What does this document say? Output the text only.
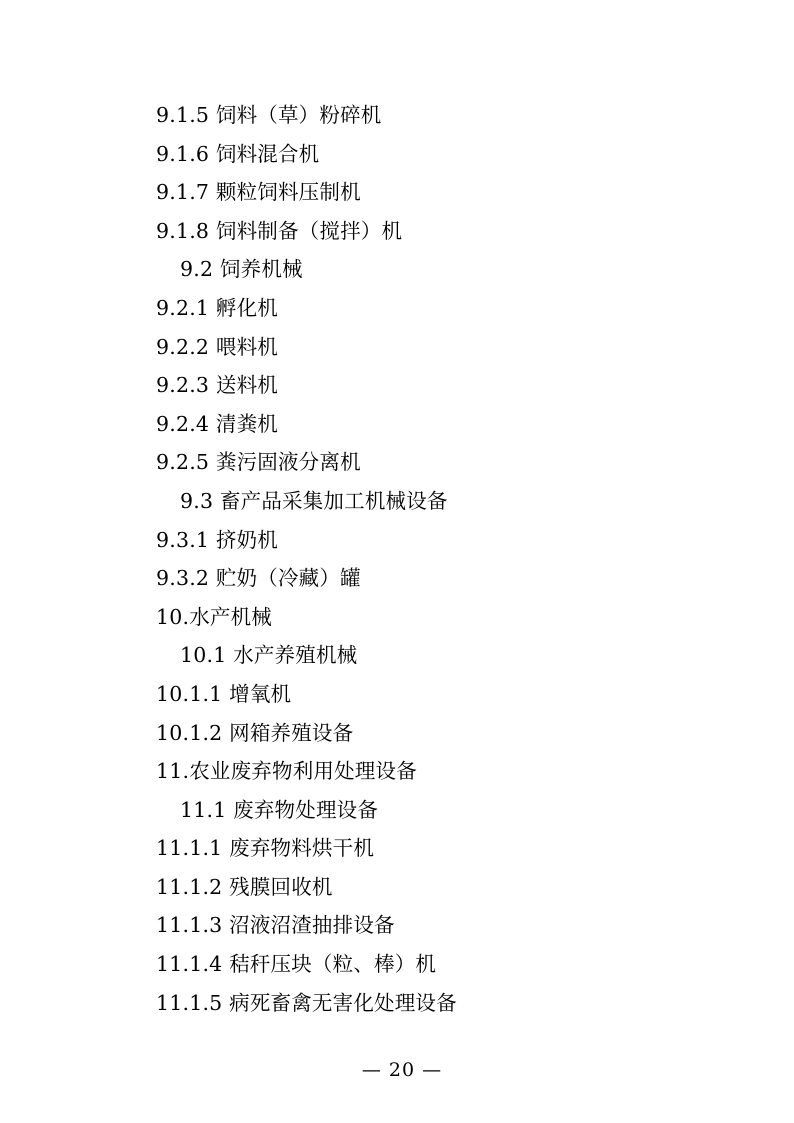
9.1.5 饲料（草）粉碎机
9.1.6 饲料混合机
9.1.7 颗粒饲料压制机
9.1.8 饲料制备（搅拌）机
9.2 饲养机械
9.2.1 孵化机
9.2.2 喂料机
9.2.3 送料机
9.2.4 清粪机
9.2.5 粪污固液分离机
9.3 畜产品采集加工机械设备
9.3.1 挤奶机
9.3.2 贮奶（冷藏）罐
10.水产机械
10.1 水产养殖机械
10.1.1 增氧机
10.1.2 网箱养殖设备
11.农业废弃物利用处理设备
11.1 废弃物处理设备
11.1.1 废弃物料烘干机
11.1.2 残膜回收机
11.1.3 沼液沼渣抽排设备
11.1.4 秸秆压块（粒、棒）机
11.1.5 病死畜禽无害化处理设备
— 20 —
